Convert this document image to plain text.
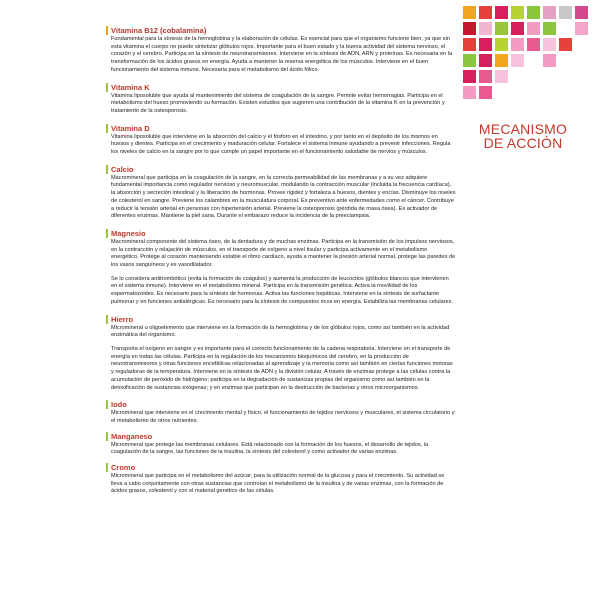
MECANISMO
DE ACCIÓN
Vitamina B12 (cobalamina)

Fundamental para la síntesis de la hemoglobina y la elaboración de células. Es esencial para que el organismo funcione bien, ya que sin esta vitamina el cuerpo no puede sintetizar glóbulos rojos. Importante para el buen estado y la buena actividad del sistema nervioso, el corazón y el cerebro. Participa en la síntesis de neurotransmisores. Interviene en la síntesis de ADN, ARN y proteínas. Es necesaria en la transformación de los ácidos grasos en energía. Ayuda a mantener la reserva energética de los músculos. Interviene en el buen funcionamiento del sistema inmune. Necesaria para el metabolismo del ácido fólico.

Vitamina K

Vitamina liposoluble que ayuda al mantenimiento del sistema de coagulación de la sangre. Permite evitar hemorragias. Participa en el metabolismo del hueso promoviendo su formación. Existen estudios que sugieren una contribución de la vitamina K en la prevención y tratamiento de la osteoporosis.

Vitamina D

Vitamina liposoluble que interviene en la absorción del calcio y el fósforo en el intestino, y por tanto en el depósito de los mismos en huesos y dientes. Participa en el crecimiento y maduración celular. Fortalece el sistema inmune ayudando a prevenir infecciones. Regula los niveles de calcio en la sangre por lo que cumple un papel importante en el funcionamiento saludable de nervios y músculos.

Calcio

Macromineral que participa en la coagulación de la sangre, en la correcta permeabilidad de las membranas y a su vez adquiere fundamental importancia como regulador nervioso y neuromuscular, modulando la contracción muscular (incluida la frecuencia cardíaca), la absorción y secreción intestinal y la liberación de hormonas. Provee rigidez y fortaleza a huesos, dientes y encías. Disminuye los niveles de colesterol en sangre. Previene los calambres en la musculatura corporal. Es preventivo ante enfermedades como el cáncer. Contribuye a reducir la tensión arterial en personas con hipertensión arterial. Previene la osteoporosis (pérdida de masa ósea). Es activador de diferentes enzimas. Mantiene la piel sana. Durante el embarazo reduce la incidencia de la preeclampsia.

Magnesio

Macromineral componente del sistema óseo, de la dentadura y de muchas enzimas. Participa en la transmisión de los impulsos nerviosos, en la contracción y relajación de músculos, en el transporte de oxígeno a nivel tisular y participa activamente en el metabolismo energético. Protege al corazón manteniendo estable el ritmo cardíaco, ayuda a mantener la presión arterial normal, protege las paredes de los vasos sanguíneos y es vasodilatador.

Se lo considera antitrombótico (evita la formación de coágulos) y aumenta la producción de leucocitos (glóbulos blancos que intervienen en el sistema inmune). Interviene en el metabolismo mineral. Participa en la transmisión genética. Activa la movilidad de los espermatozoides. Es necesario para la síntesis de hormonas. Activa las funciones hepáticas. Interviene en la síntesis de surfactante pulmonar y en funciones antialérgicas. Es necesario para la síntesis de compuestos ricos en energía. Estabiliza las membranas celulares.

Hierro

Micromineral u oligoelemento que interviene en la formación de la hemoglobina y de los glóbulos rojos, como así también en la actividad enzimática del organismo.

Transporta el oxígeno en sangre y es importante para el correcto funcionamiento de la cadena respiratoria. Interviene en el transporte de energía en todas las células. Participa en la regulación de los mecanismos bioquímicos del cerebro, en la producción de neurotransmisores y otras funciones encefálicas relacionadas al aprendizaje y la memoria como así también en ciertas funciones motoras y reguladoras de la temperatura. Interviene en la síntesis de ADN y la división celular. A través de enzimas protege a las células contra la acumulación de peróxido de hidrógeno; participa en la degradación de sustancias propias del organismo como así también en la detoxificación de sustancias exógenas; y en enzimas que participan en la destrucción de bacterias y otros microorganismos.

Iodo

Micromineral que interviene en el crecimiento mental y físico, el funcionamiento de tejidos nerviosos y musculares, el sistema circulatorio y el metabolismo de otros nutrientes.

Manganeso

Micromineral que protege las membranas celulares. Está relacionado con la formación de los huesos, el desarrollo de tejidos, la coagulación de la sangre, las funciones de la insulina, la síntesis del colesterol y como activador de varias enzimas.

Cromo

Micromineral que participa en el metabolismo del azúcar, para la utilización normal de la glucosa y para el crecimiento. Su actividad se lleva a cabo conjuntamente con otras sustancias que controlan el metabolismo de la insulina y de varias enzimas, con la formación de ácidos grasos, colesterol y con el material genético de las células.
